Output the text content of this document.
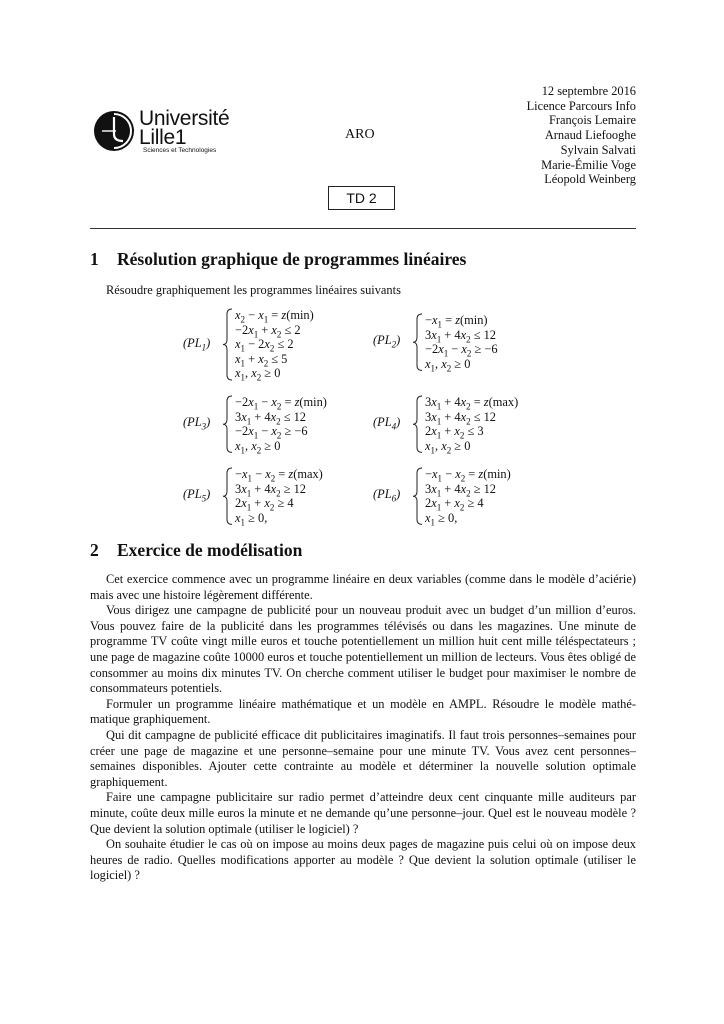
Université
Lille1
Sciences et Technologies
ARO
12 septembre 2016
Licence Parcours Info
François Lemaire
Arnaud Liefooghe
Sylvain Salvati
Marie-Émilie Voge
Léopold Weinberg
TD 2
1 Résolution graphique de programmes linéaires
Résoudre graphiquement les programmes linéaires suivants
$(PL_1)$
$x_2 - x_1 = z(\min)$
$-2x_1 + x_2 \le 2$
$x_1 - 2x_2 \le 2$
$x_1 + x_2 \le 5$
$x_1$, $x_2 \ge 0$
$(PL_2)$
$-x_1 = z(\min)$
$3x_1 + 4x_2 \le 12$
$-2x_1 - x_2 \ge -6$
$x_1$, $x_2 \ge 0$
$(PL_3)$
$-2x_1 - x_2 = z(\min)$
$3x_1 + 4x_2 \le 12$
$-2x_1 - x_2 \ge -6$
$x_1$, $x_2 \ge 0$
$(PL_4)$
$3x_1 + 4x_2 = z(\max)$
$3x_1 + 4x_2 \le 12$
$2x_1 + x_2 \le 3$
$x_1$, $x_2 \ge 0$
$(PL_5)$
$-x_1 - x_2 = z(\max)$
$3x_1 + 4x_2 \ge 12$
$2x_1 + x_2 \ge 4$
$x_1 \ge 0$,
$(PL_6)$
$-x_1 - x_2 = z(\min)$
$3x_1 + 4x_2 \ge 12$
$2x_1 + x_2 \ge 4$
$x_1 \ge 0$,
2 Exercice de modélisation

Cet exercice commence avec un programme linéaire en deux variables (comme dans le modèle d’aciérie) mais avec une histoire légèrement différente.

Vous dirigez une campagne de publicité pour un nouveau produit avec un budget d’un million d’euros. Vous pouvez faire de la publicité dans les programmes télévisés ou dans les magazines. Une minute de programme TV coûte vingt mille euros et touche potentiellement un million huit cent mille téléspectateurs ; une page de magazine coûte 10000 euros et touche potentiellement un million de lecteurs. Vous êtes obligé de consommer au moins dix minutes TV. On cherche comment utiliser le budget pour maximiser le nombre de consommateurs potentiels.

Formuler un programme linéaire mathématique et un modèle en AMPL. Résoudre le modèle mathématique graphiquement.

Qui dit campagne de publicité efficace dit publicitaires imaginatifs. Il faut trois personnes–semaines pour créer une page de magazine et une personne–semaine pour une minute TV. Vous avez cent personnes–semaines disponibles. Ajouter cette contrainte au modèle et déterminer la nouvelle solution optimale graphiquement.

Faire une campagne publicitaire sur radio permet d’atteindre deux cent cinquante mille auditeurs par minute, coûte deux mille euros la minute et ne demande qu’une personne–jour. Quel est le nouveau modèle ? Que devient la solution optimale (utiliser le logiciel) ?

On souhaite étudier le cas où on impose au moins deux pages de magazine puis celui où on impose deux heures de radio. Quelles modifications apporter au modèle ? Que devient la solution optimale (utiliser le logiciel) ?
